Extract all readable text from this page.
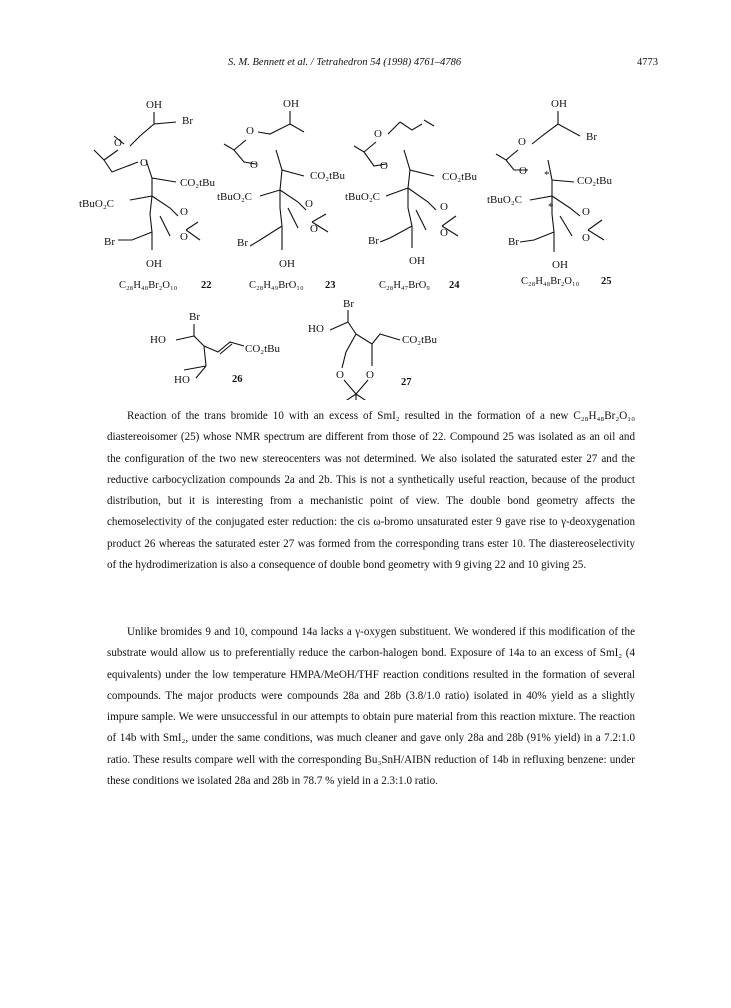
S. M. Bennett et al. / Tetrahedron 54 (1998) 4761–4786	4773
OH
Br
O
O
CO₂tBu
tBuO₂C
O
O
Br
OH
C₂₈H₄₈Br₂O₁₀ 22
OH
O
O
CO₂tBu
tBuO₂C
O
O
Br
OH
C₂₈H₄₉BrO₁₀ 23
O
O
CO₂tBu
tBuO₂C
O
O
Br
OH
C₂₈H₄₇BrO₉ 24
OH
Br
O
O
CO₂tBu
tBuO₂C
O
O
Br
OH
*
*
C₂₈H₄₈Br₂O₁₀ 25
Br
HO
CO₂tBu
HO	26
Br
HO
CO₂tBu
O O
27

Reaction of the trans bromide 10 with an excess of SmI₂ resulted in the formation of a new C₂₈H₄₈Br₂O₁₀ diastereoisomer (25) whose NMR spectrum are different from those of 22. Compound 25 was isolated as an oil and the configuration of the two new stereocenters was not determined. We also isolated the saturated ester 27 and the reductive carbocyclization compounds 2a and 2b. This is not a synthetically useful reaction, because of the product distribution, but it is interesting from a mechanistic point of view. The double bond geometry affects the chemoselectivity of the conjugated ester reduction: the cis ω-bromo unsaturated ester 9 gave rise to γ-deoxygenation product 26 whereas the saturated ester 27 was formed from the corresponding trans ester 10. The diastereoselectivity of the hydrodimerization is also a consequence of double bond geometry with 9 giving 22 and 10 giving 25.

Unlike bromides 9 and 10, compound 14a lacks a γ-oxygen substituent. We wondered if this modification of the substrate would allow us to preferentially reduce the carbon-halogen bond. Exposure of 14a to an excess of SmI₂ (4 equivalents) under the low temperature HMPA/MeOH/THF reaction conditions resulted in the formation of several compounds. The major products were compounds 28a and 28b (3.8/1.0 ratio) isolated in 40% yield as a slightly impure sample. We were unsuccessful in our attempts to obtain pure material from this reaction mixture. The reaction of 14b with SmI₂, under the same conditions, was much cleaner and gave only 28a and 28b (91% yield) in a 7.2:1.0 ratio. These results compare well with the corresponding Bu₃SnH/AIBN reduction of 14b in refluxing benzene: under these conditions we isolated 28a and 28b in 78.7 % yield in a 2.3:1.0 ratio.
